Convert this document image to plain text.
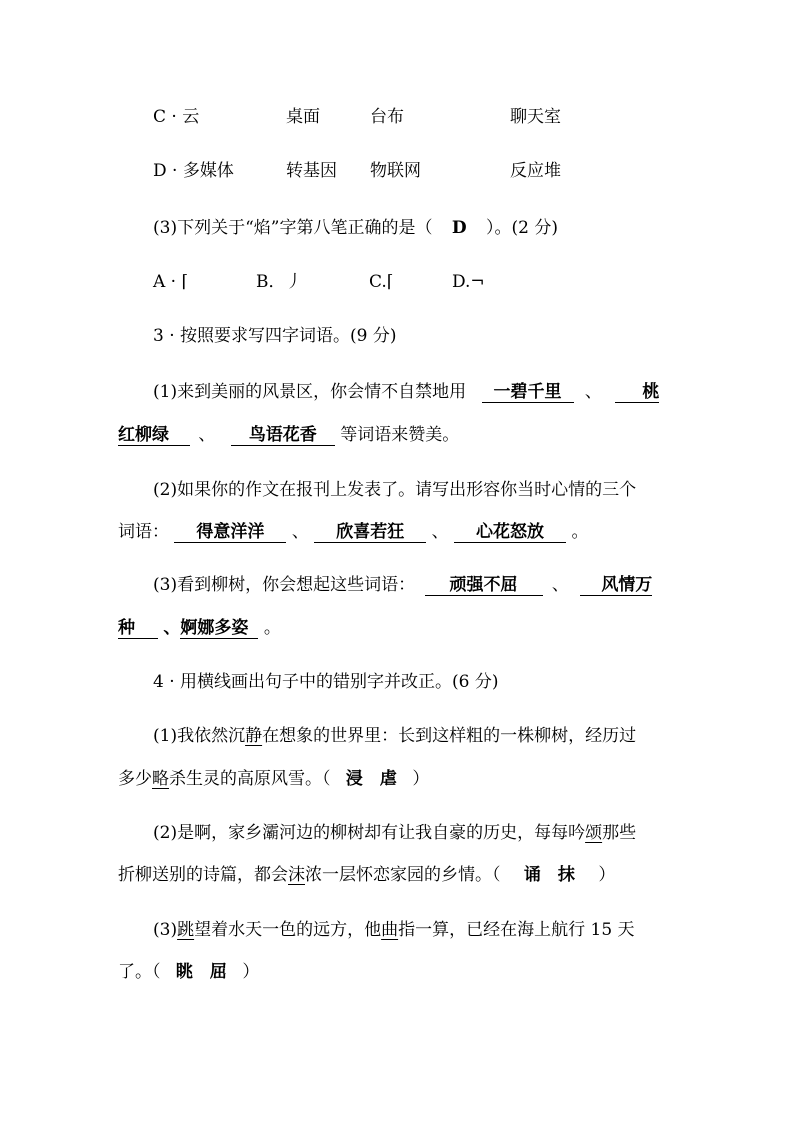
C · 云	桌面	台布	聊天室
D · 多媒体	转基因 物联网	反应堆
(3)下列关于“焰”字第八笔正确的是（ D ）。(2 分)
A · ⌈	B．丿	C.⌈	D.¬
3 · 按照要求写四字词语。(9 分)
(1)来到美丽的风景区，你会情不自禁地用 一碧千里 、 桃
红柳绿 、 鸟语花香 等词语来赞美。
(2)如果你的作文在报刊上发表了。请写出形容你当时心情的三个
词语： 得意洋洋 、 欣喜若狂 、 心花怒放 。
(3)看到柳树，你会想起这些词语： 顽强不屈 、 风情万
种 、婀娜多姿 。
4 · 用横线画出句子中的错别字并改正。(6 分)
(1)我依然沉静在想象的世界里：长到这样粗的一株柳树，经历过
多少略杀生灵的高原风雪。（ 浸　虐 ）
(2)是啊，家乡灞河边的柳树却有让我自豪的历史，每每吟颂那些
折柳送别的诗篇，都会沫浓一层怀恋家园的乡情。（ 诵　抹 ）
(3)跳望着水天一色的远方，他曲指一算，已经在海上航行 15 天
了。（ 眺　屈 ）
